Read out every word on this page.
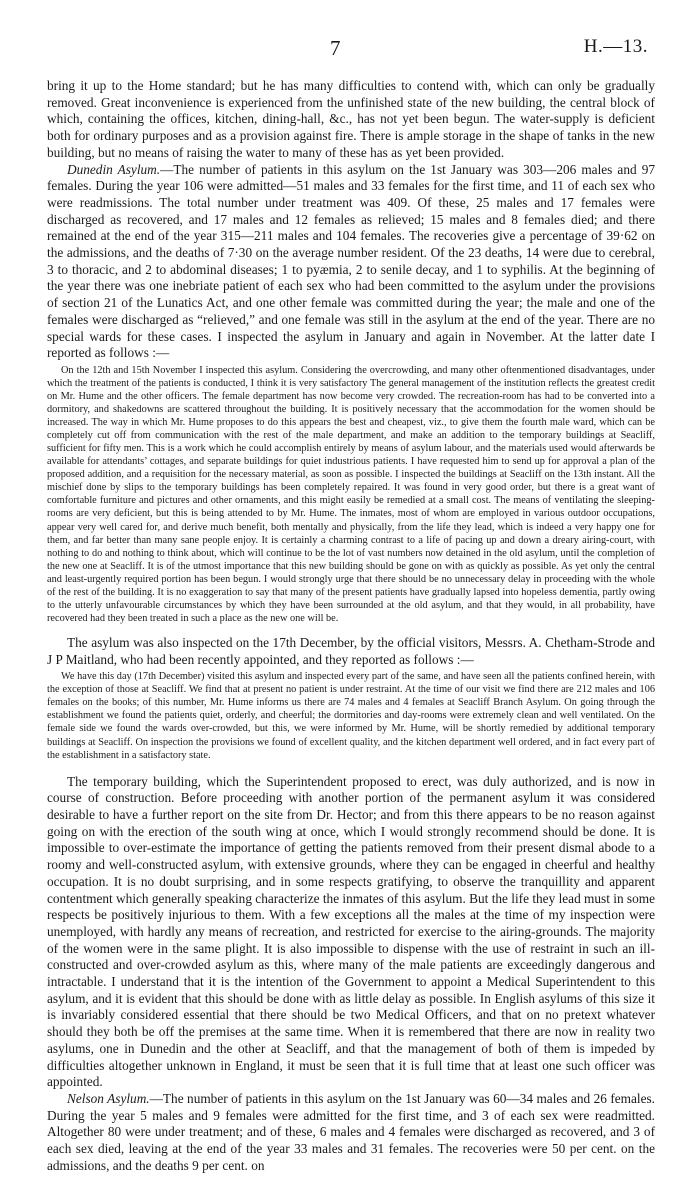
7	H.—13.

bring it up to the Home standard; but he has many difficulties to contend with, which can only be gradually removed. Great inconvenience is experienced from the unfinished state of the new building, the central block of which, containing the offices, kitchen, dining-hall, &c., has not yet been begun. The water-supply is deficient both for ordinary purposes and as a provision against fire. There is ample storage in the shape of tanks in the new building, but no means of raising the water to many of these has as yet been provided.

Dunedin Asylum.—The number of patients in this asylum on the 1st January was 303—206 males and 97 females. During the year 106 were admitted—51 males and 33 females for the first time, and 11 of each sex who were readmissions. The total number under treatment was 409. Of these, 25 males and 17 females were discharged as recovered, and 17 males and 12 females as relieved; 15 males and 8 females died; and there remained at the end of the year 315—211 males and 104 females. The recoveries give a percentage of 39·62 on the admissions, and the deaths of 7·30 on the average number resident. Of the 23 deaths, 14 were due to cerebral, 3 to thoracic, and 2 to abdominal diseases; 1 to pyæmia, 2 to senile decay, and 1 to syphilis. At the beginning of the year there was one inebriate patient of each sex who had been committed to the asylum under the provisions of section 21 of the Lunatics Act, and one other female was committed during the year; the male and one of the females were discharged as “relieved,” and one female was still in the asylum at the end of the year. There are no special wards for these cases. I inspected the asylum in January and again in November. At the latter date I reported as follows :—

On the 12th and 15th November I inspected this asylum. Considering the overcrowding, and many other oftenmentioned disadvantages, under which the treatment of the patients is conducted, I think it is very satisfactory The general management of the institution reflects the greatest credit on Mr. Hume and the other officers. The female department has now become very crowded. The recreation-room has had to be converted into a dormitory, and shakedowns are scattered throughout the building. It is positively necessary that the accommodation for the women should be increased. The way in which Mr. Hume proposes to do this appears the best and cheapest, viz., to give them the fourth male ward, which can be completely cut off from communication with the rest of the male department, and make an addition to the temporary buildings at Seacliff, sufficient for fifty men. This is a work which he could accomplish entirely by means of asylum labour, and the materials used would afterwards be available for attendants’ cottages, and separate buildings for quiet industrious patients. I have requested him to send up for approval a plan of the proposed addition, and a requisition for the necessary material, as soon as possible. I inspected the buildings at Seacliff on the 13th instant. All the mischief done by slips to the temporary buildings has been completely repaired. It was found in very good order, but there is a great want of comfortable furniture and pictures and other ornaments, and this might easily be remedied at a small cost. The means of ventilating the sleeping-rooms are very deficient, but this is being attended to by Mr. Hume. The inmates, most of whom are employed in various outdoor occupations, appear very well cared for, and derive much benefit, both mentally and physically, from the life they lead, which is indeed a very happy one for them, and far better than many sane people enjoy. It is certainly a charming contrast to a life of pacing up and down a dreary airing-court, with nothing to do and nothing to think about, which will continue to be the lot of vast numbers now detained in the old asylum, until the completion of the new one at Seacliff. It is of the utmost importance that this new building should be gone on with as quickly as possible. As yet only the central and least-urgently required portion has been begun. I would strongly urge that there should be no unnecessary delay in proceeding with the whole of the rest of the building. It is no exaggeration to say that many of the present patients have gradually lapsed into hopeless dementia, partly owing to the utterly unfavourable circumstances by which they have been surrounded at the old asylum, and that they would, in all probability, have recovered had they been treated in such a place as the new one will be.

The asylum was also inspected on the 17th December, by the official visitors, Messrs. A. Chetham-Strode and J P Maitland, who had been recently appointed, and they reported as follows :—

We have this day (17th December) visited this asylum and inspected every part of the same, and have seen all the patients confined herein, with the exception of those at Seacliff. We find that at present no patient is under restraint. At the time of our visit we find there are 212 males and 106 females on the books; of this number, Mr. Hume informs us there are 74 males and 4 females at Seacliff Branch Asylum. On going through the establishment we found the patients quiet, orderly, and cheerful; the dormitories and day-rooms were extremely clean and well ventilated. On the female side we found the wards over-crowded, but this, we were informed by Mr. Hume, will be shortly remedied by additional temporary buildings at Seacliff. On inspection the provisions we found of excellent quality, and the kitchen department well ordered, and in fact every part of the establishment in a satisfactory state.

The temporary building, which the Superintendent proposed to erect, was duly authorized, and is now in course of construction. Before proceeding with another portion of the permanent asylum it was considered desirable to have a further report on the site from Dr. Hector; and from this there appears to be no reason against going on with the erection of the south wing at once, which I would strongly recommend should be done. It is impossible to over-estimate the importance of getting the patients removed from their present dismal abode to a roomy and well-constructed asylum, with extensive grounds, where they can be engaged in cheerful and healthy occupation. It is no doubt surprising, and in some respects gratifying, to observe the tranquillity and apparent contentment which generally speaking characterize the inmates of this asylum. But the life they lead must in some respects be positively injurious to them. With a few exceptions all the males at the time of my inspection were unemployed, with hardly any means of recreation, and restricted for exercise to the airing-grounds. The majority of the women were in the same plight. It is also impossible to dispense with the use of restraint in such an ill-constructed and over-crowded asylum as this, where many of the male patients are exceedingly dangerous and intractable. I understand that it is the intention of the Government to appoint a Medical Superintendent to this asylum, and it is evident that this should be done with as little delay as possible. In English asylums of this size it is invariably considered essential that there should be two Medical Officers, and that on no pretext whatever should they both be off the premises at the same time. When it is remembered that there are now in reality two asylums, one in Dunedin and the other at Seacliff, and that the management of both of them is impeded by difficulties altogether unknown in England, it must be seen that it is full time that at least one such officer was appointed.

Nelson Asylum.—The number of patients in this asylum on the 1st January was 60—34 males and 26 females. During the year 5 males and 9 females were admitted for the first time, and 3 of each sex were readmitted. Altogether 80 were under treatment; and of these, 6 males and 4 females were discharged as recovered, and 3 of each sex died, leaving at the end of the year 33 males and 31 females. The recoveries were 50 per cent. on the admissions, and the deaths 9 per cent. on
